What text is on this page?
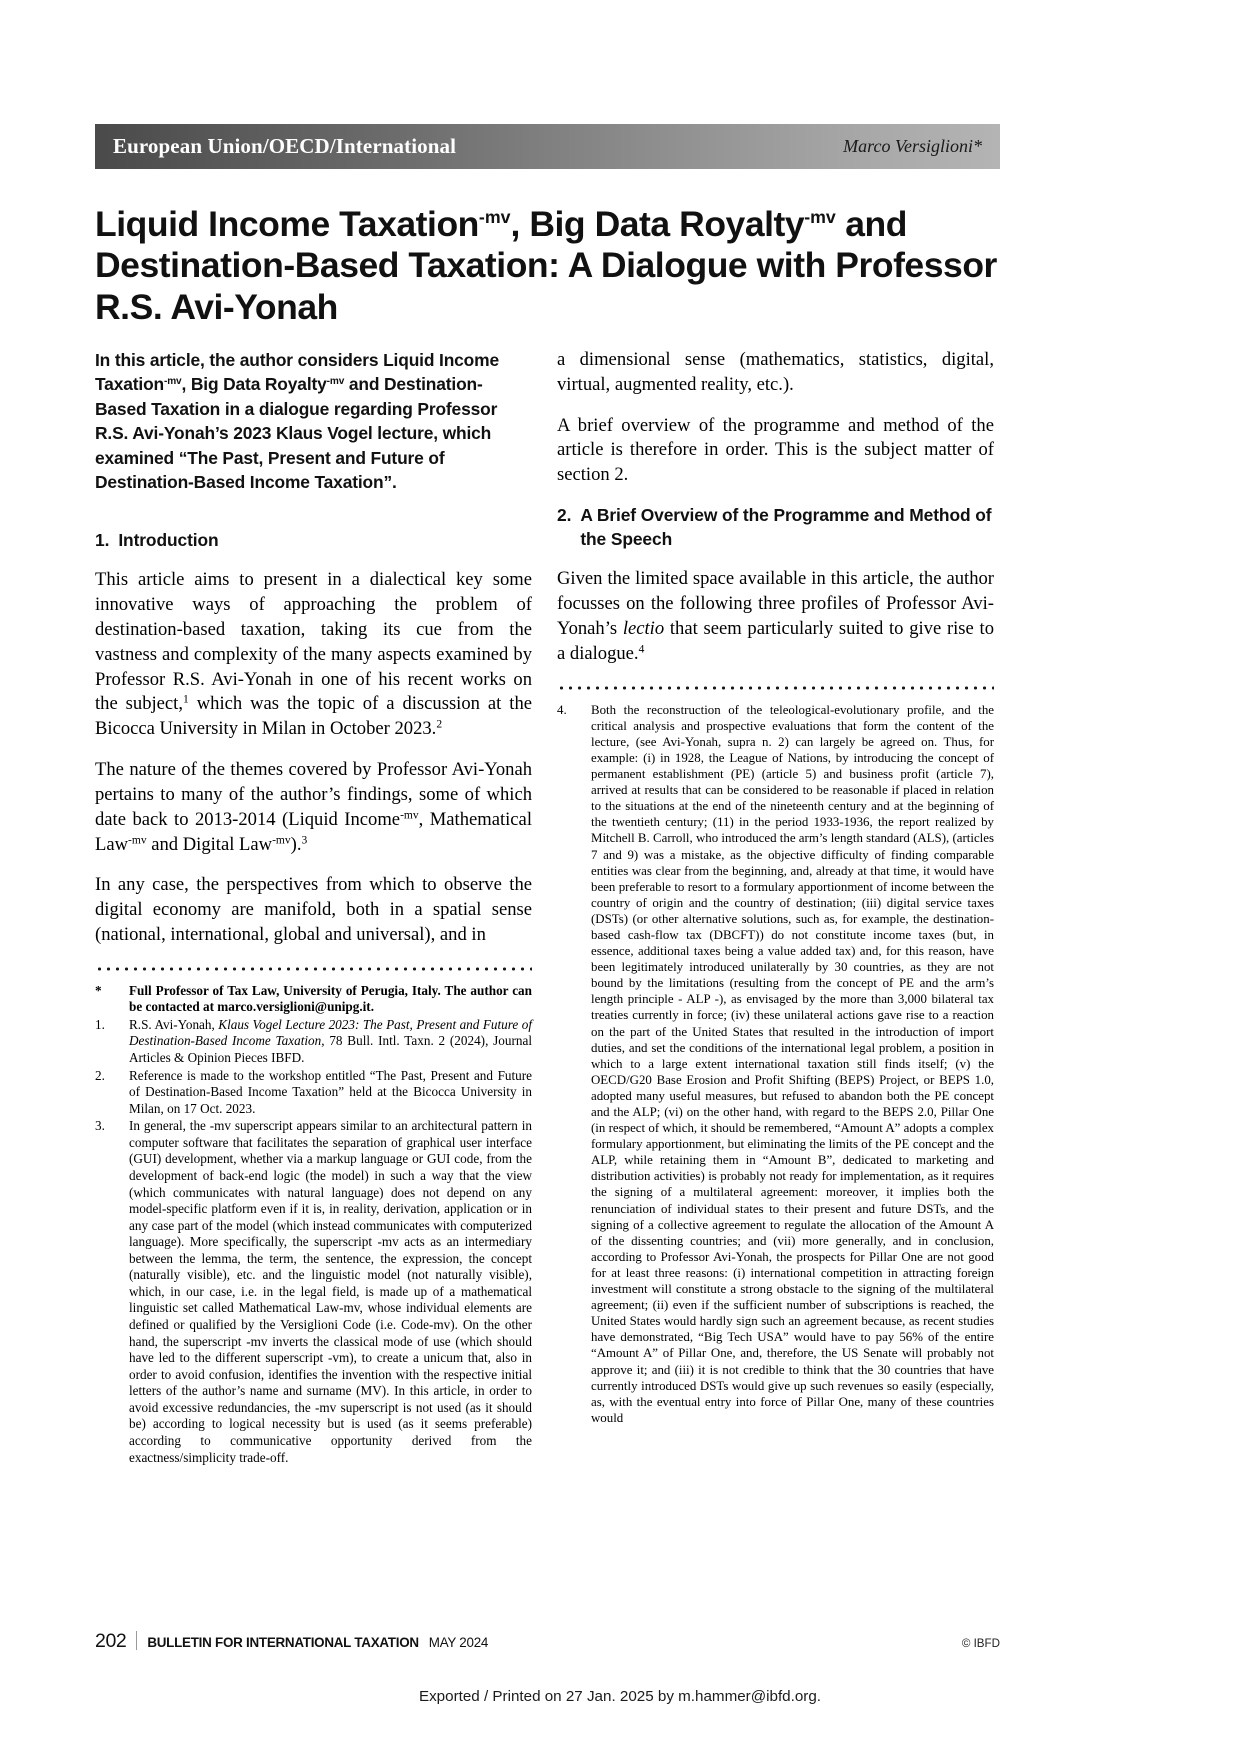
European Union/OECD/International	Marco Versiglioni*
Liquid Income Taxation$^{-mv}$, Big Data Royalty$^{-mv}$ and Destination-Based Taxation: A Dialogue with Professor R.S. Avi-Yonah

In this article, the author considers Liquid Income Taxation$^{-mv}$, Big Data Royalty$^{-mv}$ and Destination-Based Taxation in a dialogue regarding Professor R.S. Avi-Yonah’s 2023 Klaus Vogel lecture, which examined “The Past, Present and Future of Destination-Based Income Taxation”.

1. Introduction

This article aims to present in a dialectical key some innovative ways of approaching the problem of destination-based taxation, taking its cue from the vastness and complexity of the many aspects examined by Professor R.S. Avi-Yonah in one of his recent works on the subject,$^1$ which was the topic of a discussion at the Bicocca University in Milan in October 2023.$^2$

The nature of the themes covered by Professor Avi-Yonah pertains to many of the author’s findings, some of which date back to 2013-2014 (Liquid Income$^{-mv}$, Mathematical Law$^{-mv}$ and Digital Law$^{-mv}$).$^3$

In any case, the perspectives from which to observe the digital economy are manifold, both in a spatial sense (national, international, global and universal), and in

*	Full Professor of Tax Law, University of Perugia, Italy. The author can be contacted at marco.versiglioni@unipg.it.
1.	R.S. Avi-Yonah, Klaus Vogel Lecture 2023: The Past, Present and Future of Destination-Based Income Taxation, 78 Bull. Intl. Taxn. 2 (2024), Journal Articles & Opinion Pieces IBFD.
2.	Reference is made to the workshop entitled “The Past, Present and Future of Destination-Based Income Taxation” held at the Bicocca University in Milan, on 17 Oct. 2023.
3.	In general, the -mv superscript appears similar to an architectural pattern in computer software that facilitates the separation of graphical user interface (GUI) development, whether via a markup language or GUI code, from the development of back-end logic (the model) in such a way that the view (which communicates with natural language) does not depend on any model-specific platform even if it is, in reality, derivation, application or in any case part of the model (which instead communicates with computerized language). More specifically, the superscript -mv acts as an intermediary between the lemma, the term, the sentence, the expression, the concept (naturally visible), etc. and the linguistic model (not naturally visible), which, in our case, i.e. in the legal field, is made up of a mathematical linguistic set called Mathematical Law-mv, whose individual elements are defined or qualified by the Versiglioni Code (i.e. Code-mv). On the other hand, the superscript -mv inverts the classical mode of use (which should have led to the different superscript -vm), to create a unicum that, also in order to avoid confusion, identifies the invention with the respective initial letters of the author’s name and surname (MV). In this article, in order to avoid excessive redundancies, the -mv superscript is not used (as it should be) according to logical necessity but is used (as it seems preferable) according to communicative opportunity derived from the exactness/simplicity trade-off.

a dimensional sense (mathematics, statistics, digital, virtual, augmented reality, etc.).

A brief overview of the programme and method of the article is therefore in order. This is the subject matter of section 2.

2. A Brief Overview of the Programme and Method of the Speech

Given the limited space available in this article, the author focusses on the following three profiles of Professor Avi-Yonah’s lectio that seem particularly suited to give rise to a dialogue.$^4$

4.	Both the reconstruction of the teleological-evolutionary profile, and the critical analysis and prospective evaluations that form the content of the lecture, (see Avi-Yonah, supra n. 2) can largely be agreed on. Thus, for example: (i) in 1928, the League of Nations, by introducing the concept of permanent establishment (PE) (article 5) and business profit (article 7), arrived at results that can be considered to be reasonable if placed in relation to the situations at the end of the nineteenth century and at the beginning of the twentieth century; (11) in the period 1933-1936, the report realized by Mitchell B. Carroll, who introduced the arm’s length standard (ALS), (articles 7 and 9) was a mistake, as the objective difficulty of finding comparable entities was clear from the beginning, and, already at that time, it would have been preferable to resort to a formulary apportionment of income between the country of origin and the country of destination; (iii) digital service taxes (DSTs) (or other alternative solutions, such as, for example, the destination-based cash-flow tax (DBCFT)) do not constitute income taxes (but, in essence, additional taxes being a value added tax) and, for this reason, have been legitimately introduced unilaterally by 30 countries, as they are not bound by the limitations (resulting from the concept of PE and the arm’s length principle - ALP -), as envisaged by the more than 3,000 bilateral tax treaties currently in force; (iv) these unilateral actions gave rise to a reaction on the part of the United States that resulted in the introduction of import duties, and set the conditions of the international legal problem, a position in which to a large extent international taxation still finds itself; (v) the OECD/G20 Base Erosion and Profit Shifting (BEPS) Project, or BEPS 1.0, adopted many useful measures, but refused to abandon both the PE concept and the ALP; (vi) on the other hand, with regard to the BEPS 2.0, Pillar One (in respect of which, it should be remembered, “Amount A” adopts a complex formulary apportionment, but eliminating the limits of the PE concept and the ALP, while retaining them in “Amount B”, dedicated to marketing and distribution activities) is probably not ready for implementation, as it requires the signing of a multilateral agreement: moreover, it implies both the renunciation of individual states to their present and future DSTs, and the signing of a collective agreement to regulate the allocation of the Amount A of the dissenting countries; and (vii) more generally, and in conclusion, according to Professor Avi-Yonah, the prospects for Pillar One are not good for at least three reasons: (i) international competition in attracting foreign investment will constitute a strong obstacle to the signing of the multilateral agreement; (ii) even if the sufficient number of subscriptions is reached, the United States would hardly sign such an agreement because, as recent studies have demonstrated, “Big Tech USA” would have to pay 56% of the entire “Amount A” of Pillar One, and, therefore, the US Senate will probably not approve it; and (iii) it is not credible to think that the 30 countries that have currently introduced DSTs would give up such revenues so easily (especially, as, with the eventual entry into force of Pillar One, many of these countries would
202 BULLETIN FOR INTERNATIONAL TAXATION MAY 2024	© IBFD
Exported / Printed on 27 Jan. 2025 by m.hammer@ibfd.org.
